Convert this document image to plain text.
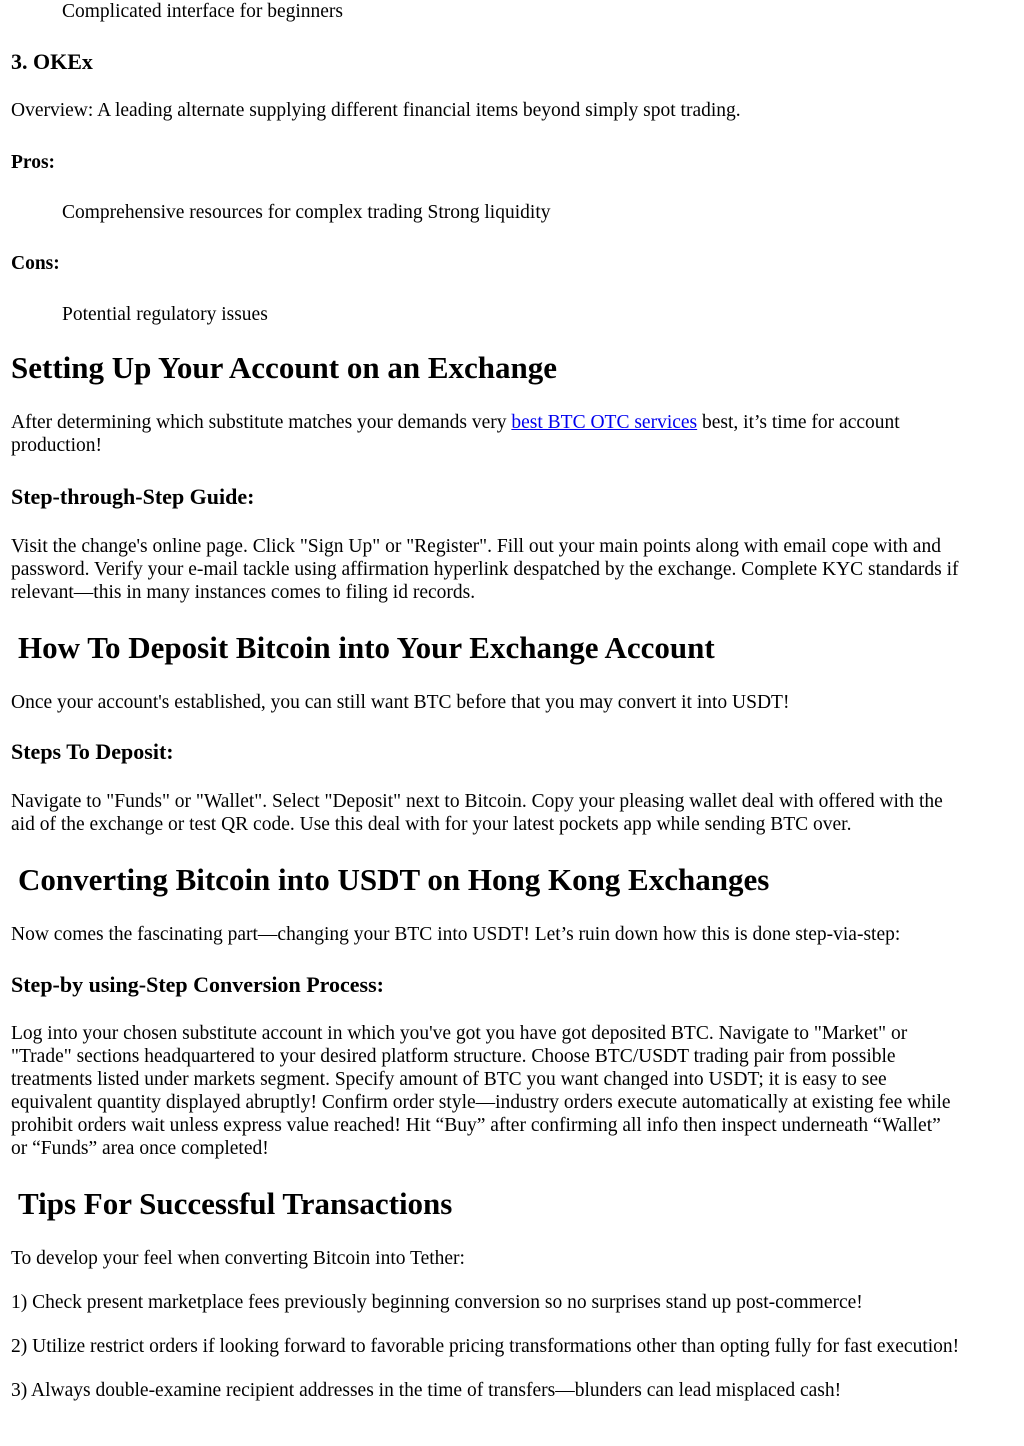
Complicated interface for beginners
3. OKEx
Overview: A leading alternate supplying different financial items beyond simply spot trading.
Pros:
Comprehensive resources for complex trading Strong liquidity
Cons:
Potential regulatory issues
Setting Up Your Account on an Exchange
After determining which substitute matches your demands very best BTC OTC services best, it’s time for account
production!
Step-through-Step Guide:
Visit the change's online page. Click "Sign Up" or "Register". Fill out your main points along with email cope with and
password. Verify your e-mail tackle using affirmation hyperlink despatched by the exchange. Complete KYC standards if
relevant—this in many instances comes to filing id records.
How To Deposit Bitcoin into Your Exchange Account
Once your account's established, you can still want BTC before that you may convert it into USDT!
Steps To Deposit:
Navigate to "Funds" or "Wallet". Select "Deposit" next to Bitcoin. Copy your pleasing wallet deal with offered with the
aid of the exchange or test QR code. Use this deal with for your latest pockets app while sending BTC over.
Converting Bitcoin into USDT on Hong Kong Exchanges
Now comes the fascinating part—changing your BTC into USDT! Let’s ruin down how this is done step-via-step:
Step-by using-Step Conversion Process:
Log into your chosen substitute account in which you've got you have got deposited BTC. Navigate to "Market" or
"Trade" sections headquartered to your desired platform structure. Choose BTC/USDT trading pair from possible
treatments listed under markets segment. Specify amount of BTC you want changed into USDT; it is easy to see
equivalent quantity displayed abruptly! Confirm order style—industry orders execute automatically at existing fee while
prohibit orders wait unless express value reached! Hit “Buy” after confirming all info then inspect underneath “Wallet”
or “Funds” area once completed!
Tips For Successful Transactions
To develop your feel when converting Bitcoin into Tether:
1) Check present marketplace fees previously beginning conversion so no surprises stand up post-commerce!
2) Utilize restrict orders if looking forward to favorable pricing transformations other than opting fully for fast execution!
3) Always double-examine recipient addresses in the time of transfers—blunders can lead misplaced cash!
